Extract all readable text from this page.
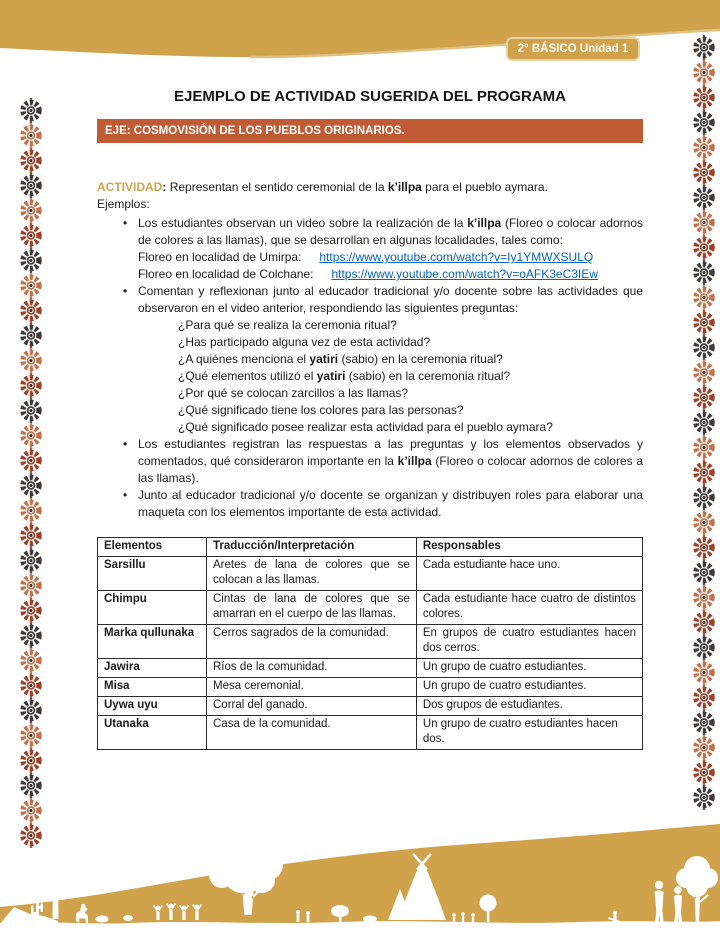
2° BÁSICO Unidad 1
EJEMPLO DE ACTIVIDAD SUGERIDA DEL PROGRAMA
EJE: COSMOVISIÓN DE LOS PUEBLOS ORIGINARIOS.
ACTIVIDAD: Representan el sentido ceremonial de la k’illpa para el pueblo aymara.
Ejemplos:
• Los estudiantes observan un video sobre la realización de la k’illpa (Floreo o colocar adornos de colores a las llamas), que se desarrollan en algunas localidades, tales como:
Floreo en localidad de Umirpa: https://www.youtube.com/watch?v=Iy1YMWXSULQ
Floreo en localidad de Colchane: https://www.youtube.com/watch?v=oAFK3eC3IEw
• Comentan y reflexionan junto al educador tradicional y/o docente sobre las actividades que observaron en el video anterior, respondiendo las siguientes preguntas:
¿Para qué se realiza la ceremonia ritual?
¿Has participado alguna vez de esta actividad?
¿A quiénes menciona el yatiri (sabio) en la ceremonia ritual?
¿Qué elementos utilizó el yatiri (sabio) en la ceremonia ritual?
¿Por qué se colocan zarcillos a las llamas?
¿Qué significado tiene los colores para las personas?
¿Qué significado posee realizar esta actividad para el pueblo aymara?
• Los estudiantes registran las respuestas a las preguntas y los elementos observados y comentados, qué consideraron importante en la k’illpa (Floreo o colocar adornos de colores a las llamas).
• Junto al educador tradicional y/o docente se organizan y distribuyen roles para elaborar una maqueta con los elementos importante de esta actividad.
Elementos	Traducción/Interpretación	Responsables
Sarsillu	Aretes de lana de colores que se colocan a las llamas.	Cada estudiante hace uno.
Chimpu	Cintas de lana de colores que se amarran en el cuerpo de las llamas.	Cada estudiante hace cuatro de distintos colores.
Marka qullunaka	Cerros sagrados de la comunidad.	En grupos de cuatro estudiantes hacen dos cerros.
Jawira	Ríos de la comunidad.	Un grupo de cuatro estudiantes.
Misa	Mesa ceremonial.	Un grupo de cuatro estudiantes.
Uywa uyu	Corral del ganado.	Dos grupos de estudiantes.
Utanaka	Casa de la comunidad.	Un grupo de cuatro estudiantes hacen dos.
